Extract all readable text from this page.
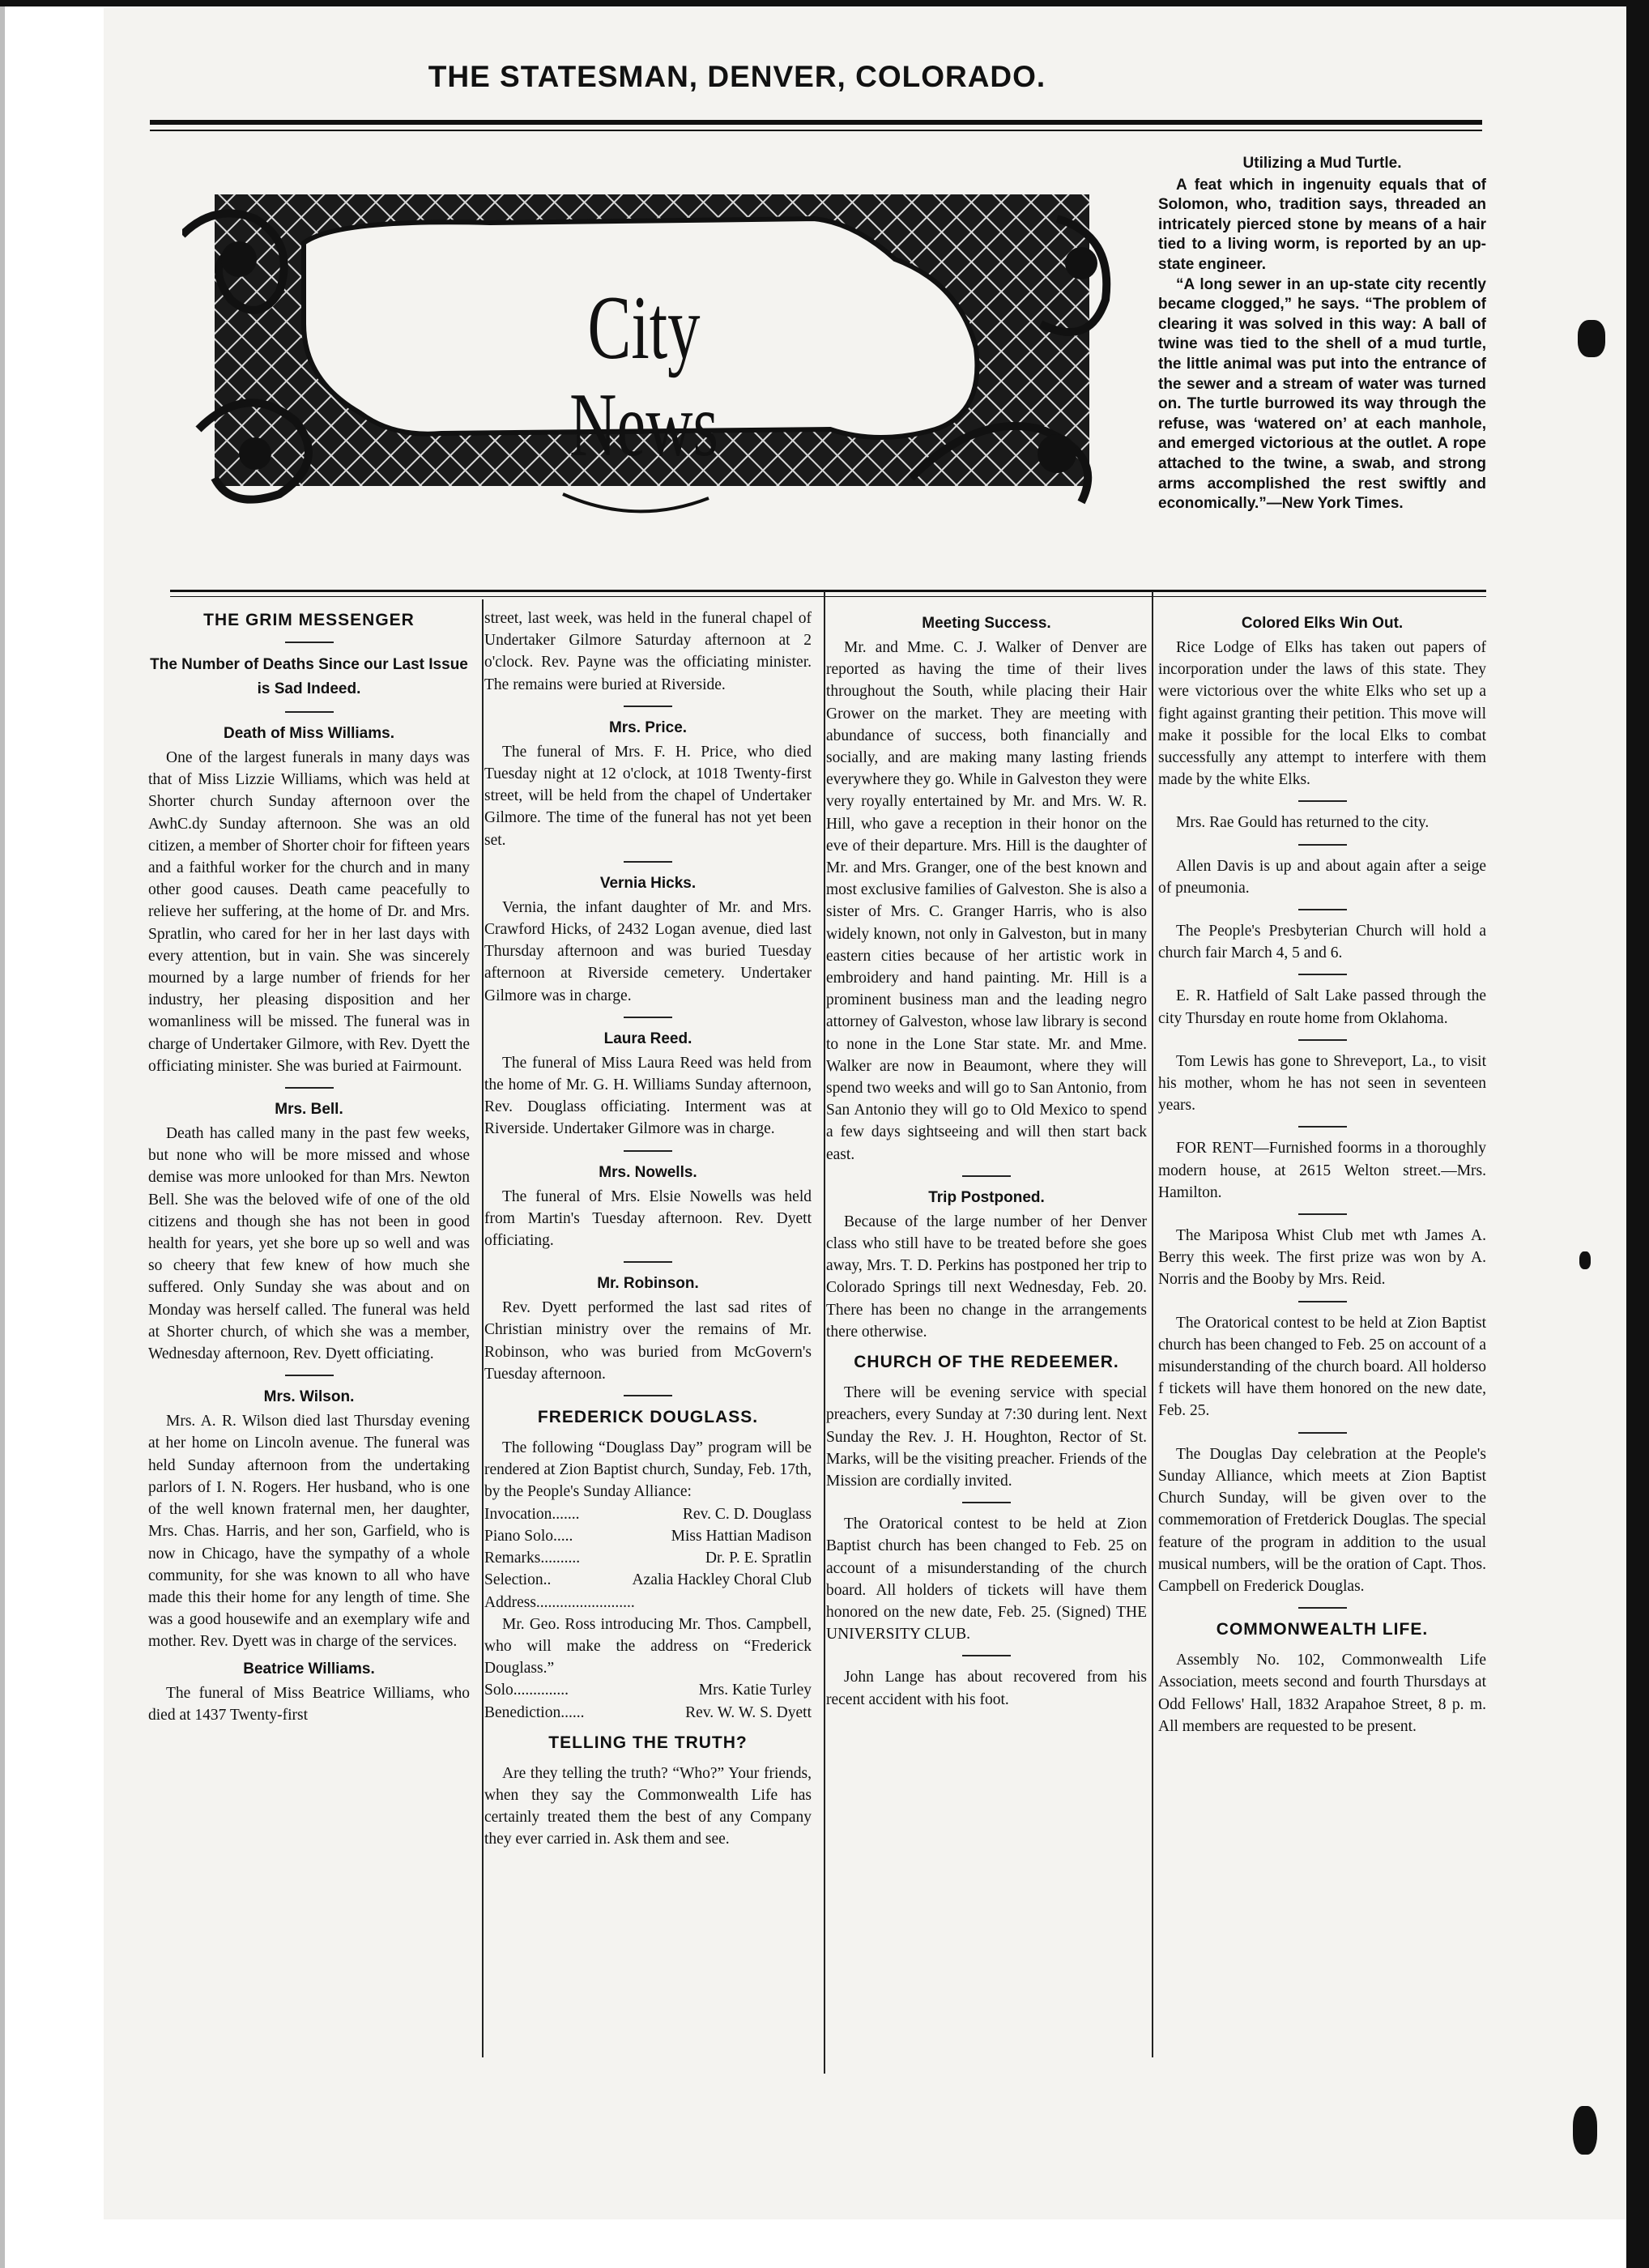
THE STATESMAN, DENVER, COLORADO.
City News

Utilizing a Mud Turtle.

A feat which in ingenuity equals that of Solomon, who, tradition says, threaded an intricately pierced stone by means of a hair tied to a living worm, is reported by an up-state engineer.

“A long sewer in an up-state city recently became clogged,” he says. “The problem of clearing it was solved in this way: A ball of twine was tied to the shell of a mud turtle, the little animal was put into the entrance of the sewer and a stream of water was turned on. The turtle burrowed its way through the refuse, was ‘watered on’ at each manhole, and emerged victorious at the outlet. A rope attached to the twine, a swab, and strong arms accomplished the rest swiftly and economically.”—New York Times.

THE GRIM MESSENGER

The Number of Deaths Since our Last Issue is Sad Indeed.

Death of Miss Williams.

One of the largest funerals in many days was that of Miss Lizzie Williams, which was held at Shorter church Sunday afternoon over the AwhC.dy Sunday afternoon. She was an old citizen, a member of Shorter choir for fifteen years and a faithful worker for the church and in many other good causes. Death came peacefully to relieve her suffering, at the home of Dr. and Mrs. Spratlin, who cared for her in her last days with every attention, but in vain. She was sincerely mourned by a large number of friends for her industry, her pleasing disposition and her womanliness will be missed. The funeral was in charge of Undertaker Gilmore, with Rev. Dyett the officiating minister. She was buried at Fairmount.

Mrs. Bell.

Death has called many in the past few weeks, but none who will be more missed and whose demise was more unlooked for than Mrs. Newton Bell. She was the beloved wife of one of the old citizens and though she has not been in good health for years, yet she bore up so well and was so cheery that few knew of how much she suffered. Only Sunday she was about and on Monday was herself called. The funeral was held at Shorter church, of which she was a member, Wednesday afternoon, Rev. Dyett officiating.

Mrs. Wilson.

Mrs. A. R. Wilson died last Thursday evening at her home on Lincoln avenue. The funeral was held Sunday afternoon from the undertaking parlors of I. N. Rogers. Her husband, who is one of the well known fraternal men, her daughter, Mrs. Chas. Harris, and her son, Garfield, who is now in Chicago, have the sympathy of a whole community, for she was known to all who have made this their home for any length of time. She was a good housewife and an exemplary wife and mother. Rev. Dyett was in charge of the services.

Beatrice Williams.

The funeral of Miss Beatrice Williams, who died at 1437 Twenty-first

street, last week, was held in the funeral chapel of Undertaker Gilmore Saturday afternoon at 2 o'clock. Rev. Payne was the officiating minister. The remains were buried at Riverside.

Mrs. Price.

The funeral of Mrs. F. H. Price, who died Tuesday night at 12 o'clock, at 1018 Twenty-first street, will be held from the chapel of Undertaker Gilmore. The time of the funeral has not yet been set.

Vernia Hicks.

Vernia, the infant daughter of Mr. and Mrs. Crawford Hicks, of 2432 Logan avenue, died last Thursday afternoon and was buried Tuesday afternoon at Riverside cemetery. Undertaker Gilmore was in charge.

Laura Reed.

The funeral of Miss Laura Reed was held from the home of Mr. G. H. Williams Sunday afternoon, Rev. Douglass officiating. Interment was at Riverside. Undertaker Gilmore was in charge.

Mrs. Nowells.

The funeral of Mrs. Elsie Nowells was held from Martin's Tuesday afternoon. Rev. Dyett officiating.

Mr. Robinson.

Rev. Dyett performed the last sad rites of Christian ministry over the remains of Mr. Robinson, who was buried from McGovern's Tuesday afternoon.

FREDERICK DOUGLASS.

The following “Douglass Day” program will be rendered at Zion Baptist church, Sunday, Feb. 17th, by the People's Sunday Alliance:

Invocation.......	Rev. C. D. Douglass
Piano Solo.....	Miss Hattian Madison
Remarks..........	Dr. P. E. Spratlin
Selection..	Azalia Hackley Choral Club
Address.........................

Mr. Geo. Ross introducing Mr. Thos. Campbell, who will make the address on “Frederick Douglass.”

Solo..............	Mrs. Katie Turley
Benediction......	Rev. W. W. S. Dyett

TELLING THE TRUTH?

Are they telling the truth? “Who?” Your friends, when they say the Commonwealth Life has certainly treated them the best of any Company they ever carried in. Ask them and see.

Meeting Success.

Mr. and Mme. C. J. Walker of Denver are reported as having the time of their lives throughout the South, while placing their Hair Grower on the market. They are meeting with abundance of success, both financially and socially, and are making many lasting friends everywhere they go. While in Galveston they were very royally entertained by Mr. and Mrs. W. R. Hill, who gave a reception in their honor on the eve of their departure. Mrs. Hill is the daughter of Mr. and Mrs. Granger, one of the best known and most exclusive families of Galveston. She is also a sister of Mrs. C. Granger Harris, who is also widely known, not only in Galveston, but in many eastern cities because of her artistic work in embroidery and hand painting. Mr. Hill is a prominent business man and the leading negro attorney of Galveston, whose law library is second to none in the Lone Star state. Mr. and Mme. Walker are now in Beaumont, where they will spend two weeks and will go to San Antonio, from San Antonio they will go to Old Mexico to spend a few days sightseeing and will then start back east.

Trip Postponed.

Because of the large number of her Denver class who still have to be treated before she goes away, Mrs. T. D. Perkins has postponed her trip to Colorado Springs till next Wednesday, Feb. 20. There has been no change in the arrangements there otherwise.

CHURCH OF THE REDEEMER.

There will be evening service with special preachers, every Sunday at 7:30 during lent. Next Sunday the Rev. J. H. Houghton, Rector of St. Marks, will be the visiting preacher. Friends of the Mission are cordially invited.

The Oratorical contest to be held at Zion Baptist church has been changed to Feb. 25 on account of a misunderstanding of the church board. All holders of tickets will have them honored on the new date, Feb. 25. (Signed) THE UNIVERSITY CLUB.

John Lange has about recovered from his recent accident with his foot.

Colored Elks Win Out.

Rice Lodge of Elks has taken out papers of incorporation under the laws of this state. They were victorious over the white Elks who set up a fight against granting their petition. This move will make it possible for the local Elks to combat successfully any attempt to interfere with them made by the white Elks.

Mrs. Rae Gould has returned to the city.

Allen Davis is up and about again after a seige of pneumonia.

The People's Presbyterian Church will hold a church fair March 4, 5 and 6.

E. R. Hatfield of Salt Lake passed through the city Thursday en route home from Oklahoma.

Tom Lewis has gone to Shreveport, La., to visit his mother, whom he has not seen in seventeen years.

FOR RENT—Furnished foorms in a thoroughly modern house, at 2615 Welton street.—Mrs. Hamilton.

The Mariposa Whist Club met wth James A. Berry this week. The first prize was won by A. Norris and the Booby by Mrs. Reid.

The Oratorical contest to be held at Zion Baptist church has been changed to Feb. 25 on account of a misunderstanding of the church board. All holderso f tickets will have them honored on the new date, Feb. 25.

The Douglas Day celebration at the People's Sunday Alliance, which meets at Zion Baptist Church Sunday, will be given over to the commemoration of Fretderick Douglas. The special feature of the program in addition to the usual musical numbers, will be the oration of Capt. Thos. Campbell on Frederick Douglas.

COMMONWEALTH LIFE.

Assembly No. 102, Commonwealth Life Association, meets second and fourth Thursdays at Odd Fellows' Hall, 1832 Arapahoe Street, 8 p. m. All members are requested to be present.
